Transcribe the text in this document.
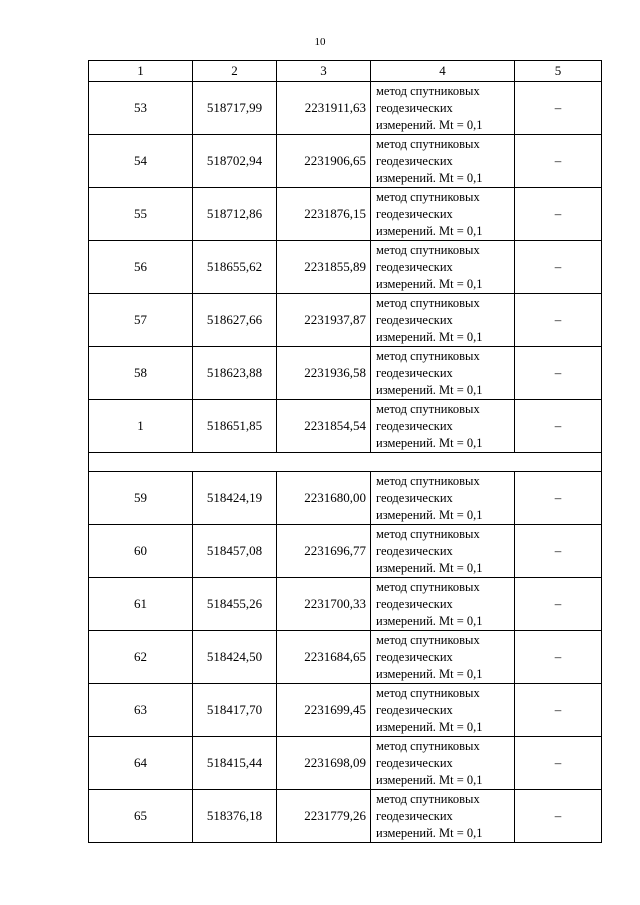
10
1	2	3	4	5
53	518717,99	2231911,63	метод спутниковых
геодезических
измерений. Mt = 0,1	–
54	518702,94	2231906,65	метод спутниковых
геодезических
измерений. Mt = 0,1	–
55	518712,86	2231876,15	метод спутниковых
геодезических
измерений. Mt = 0,1	–
56	518655,62	2231855,89	метод спутниковых
геодезических
измерений. Mt = 0,1	–
57	518627,66	2231937,87	метод спутниковых
геодезических
измерений. Mt = 0,1	–
58	518623,88	2231936,58	метод спутниковых
геодезических
измерений. Mt = 0,1	–
1	518651,85	2231854,54	метод спутниковых
геодезических
измерений. Mt = 0,1	–

59	518424,19	2231680,00	метод спутниковых
геодезических
измерений. Mt = 0,1	–
60	518457,08	2231696,77	метод спутниковых
геодезических
измерений. Mt = 0,1	–
61	518455,26	2231700,33	метод спутниковых
геодезических
измерений. Mt = 0,1	–
62	518424,50	2231684,65	метод спутниковых
геодезических
измерений. Mt = 0,1	–
63	518417,70	2231699,45	метод спутниковых
геодезических
измерений. Mt = 0,1	–
64	518415,44	2231698,09	метод спутниковых
геодезических
измерений. Mt = 0,1	–
65	518376,18	2231779,26	метод спутниковых
геодезических
измерений. Mt = 0,1	–
